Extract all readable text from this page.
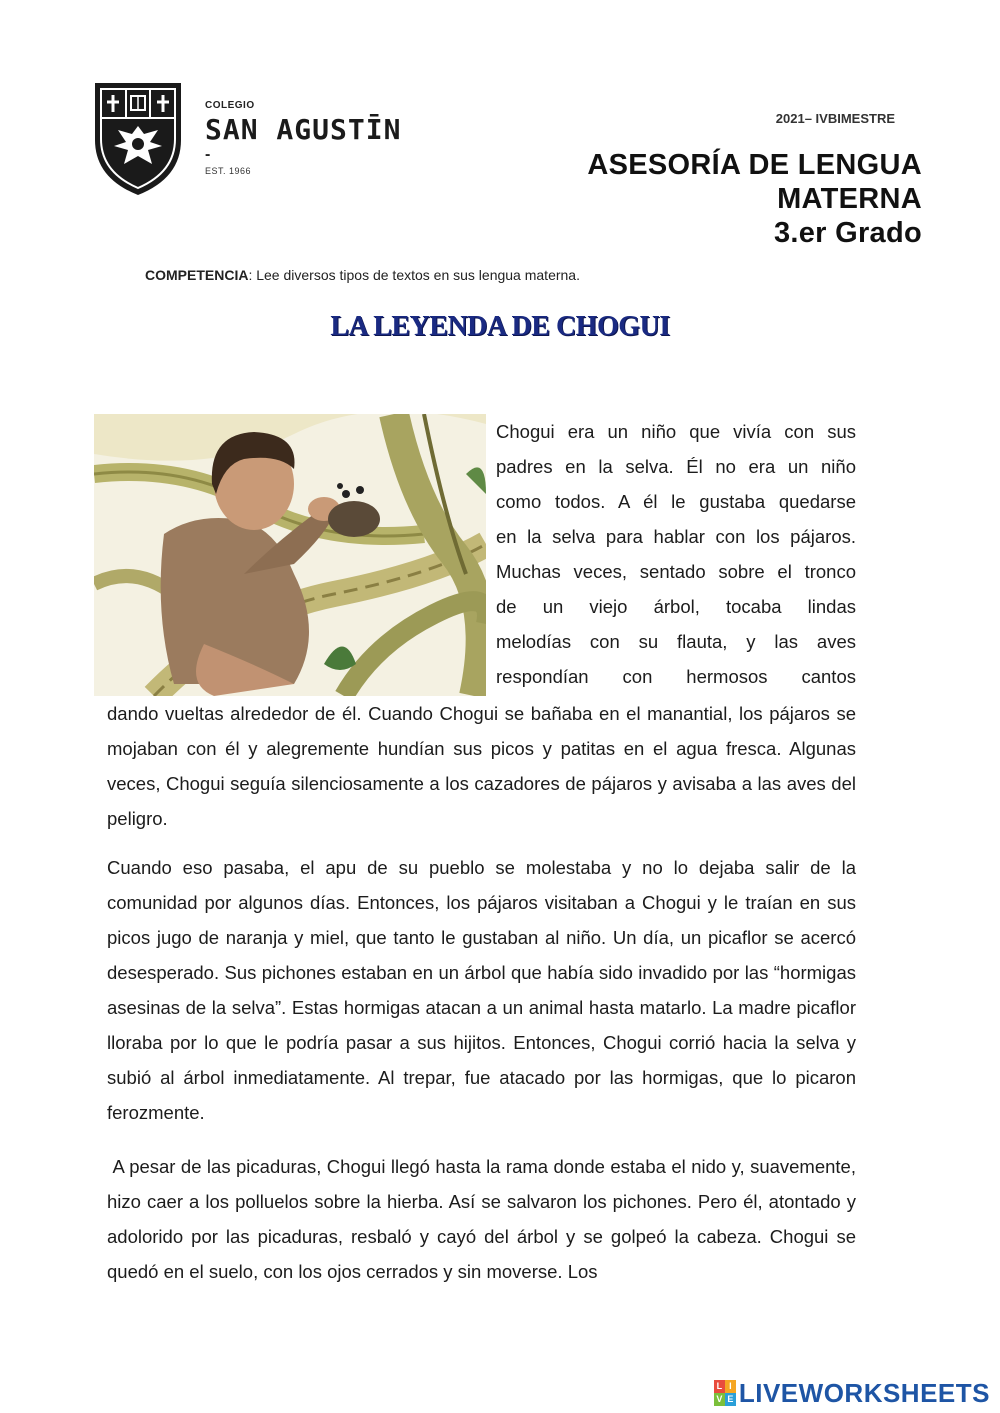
COLEGIO
SAN AGUSTĪN
-
EST. 1966
2021– IVBIMESTRE
ASESORÍA DE LENGUA
MATERNA
3.er Grado
COMPETENCIA: Lee diversos tipos de textos en sus lengua materna.
LA LEYENDA DE CHOGUI

Chogui era un niño que vivía con sus

padres en la selva. Él no era un niño

como todos. A él le gustaba quedarse

en la selva para hablar con los pájaros.

Muchas veces, sentado sobre el tronco

de un viejo árbol, tocaba lindas

melodías con su flauta, y las aves

respondían con hermosos cantos

dando vueltas alrededor de él. Cuando Chogui se bañaba en el manantial, los pájaros se mojaban con él y alegremente hundían sus picos y patitas en el agua fresca. Algunas veces, Chogui seguía silenciosamente a los cazadores de pájaros y avisaba a las aves del peligro.

Cuando eso pasaba, el apu de su pueblo se molestaba y no lo dejaba salir de la comunidad por algunos días. Entonces, los pájaros visitaban a Chogui y le traían en sus picos jugo de naranja y miel, que tanto le gustaban al niño. Un día, un picaflor se acercó desesperado. Sus pichones estaban en un árbol que había sido invadido por las “hormigas asesinas de la selva”. Estas hormigas atacan a un animal hasta matarlo. La madre picaflor lloraba por lo que le podría pasar a sus hijitos. Entonces, Chogui corrió hacia la selva y subió al árbol inmediatamente. Al trepar, fue atacado por las hormigas, que lo picaron ferozmente.

A pesar de las picaduras, Chogui llegó hasta la rama donde estaba el nido y, suavemente, hizo caer a los polluelos sobre la hierba. Así se salvaron los pichones. Pero él, atontado y adolorido por las picaduras, resbaló y cayó del árbol y se golpeó la cabeza. Chogui se quedó en el suelo, con los ojos cerrados y sin moverse. Los

L I
V E LIVEWORKSHEETS
